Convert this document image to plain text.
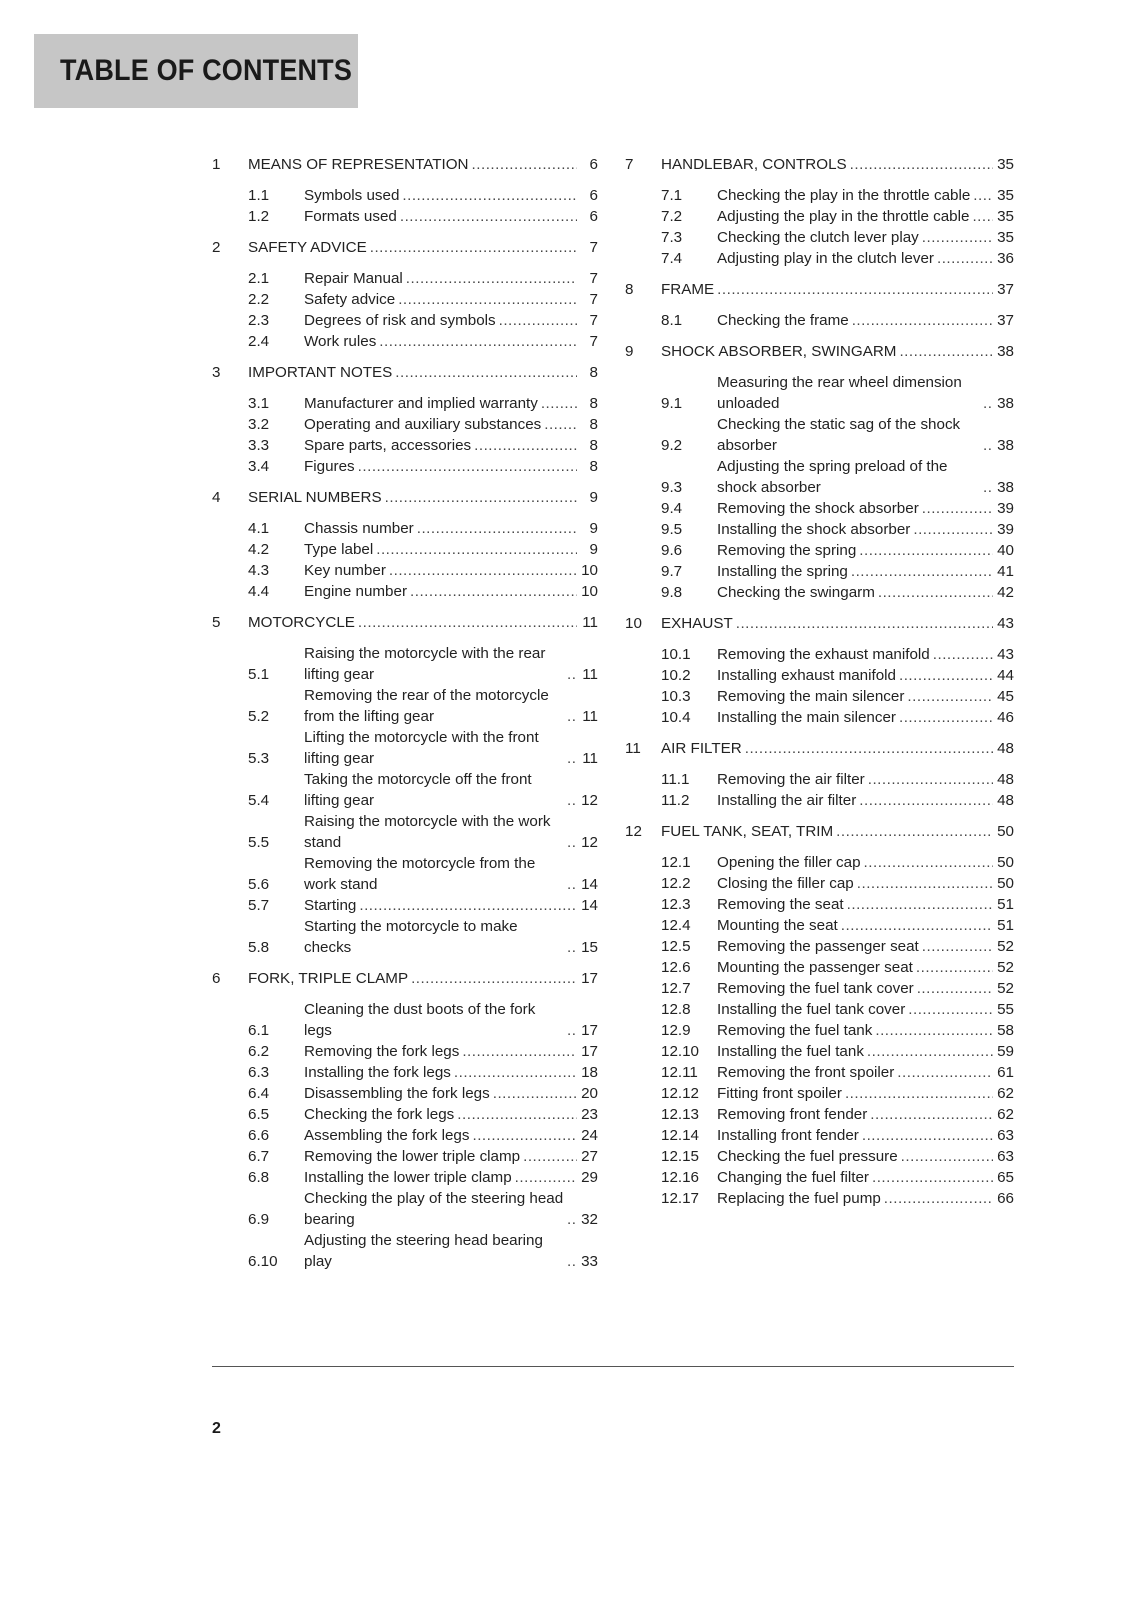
TABLE OF CONTENTS
1	MEANS OF REPRESENTATION .....	6
1.1	Symbols used .....	6
1.2	Formats used .....	6
2	SAFETY ADVICE .....	7
2.1	Repair Manual .....	7
2.2	Safety advice .....	7
2.3	Degrees of risk and symbols .....	7
2.4	Work rules .....	7
3	IMPORTANT NOTES .....	8
3.1	Manufacturer and implied warranty .....	8
3.2	Operating and auxiliary substances .....	8
3.3	Spare parts, accessories .....	8
3.4	Figures .....	8
4	SERIAL NUMBERS .....	9
4.1	Chassis number .....	9
4.2	Type label .....	9
4.3	Key number .....	10
4.4	Engine number .....	10
5	MOTORCYCLE .....	11
5.1
Raising the motorcycle with the rear lifting gear .....	11
5.2
Removing the rear of the motorcycle from the lifting gear .....	11
5.3
Lifting the motorcycle with the front lifting gear .....	11
5.4
Taking the motorcycle off the front lifting gear .....	12
5.5
Raising the motorcycle with the work stand .....	12
5.6
Removing the motorcycle from the work stand .....	14
5.7	Starting .....	14
5.8
Starting the motorcycle to make checks .....	15
6	FORK, TRIPLE CLAMP .....	17
6.1
Cleaning the dust boots of the fork legs .....	17
6.2	Removing the fork legs .....	17
6.3	Installing the fork legs .....	18
6.4	Disassembling the fork legs .....	20
6.5	Checking the fork legs .....	23
6.6	Assembling the fork legs .....	24
6.7	Removing the lower triple clamp .....	27
6.8	Installing the lower triple clamp .....	29
6.9
Checking the play of the steering head bearing .....	32
6.10
Adjusting the steering head bearing play .....	33
7	HANDLEBAR, CONTROLS .....	35
7.1	Checking the play in the throttle cable ..... 35
7.2	Adjusting the play in the throttle cable ..... 35
7.3	Checking the clutch lever play .....	35
7.4	Adjusting play in the clutch lever .....	36
8	FRAME .....	37
8.1	Checking the frame .....	37
9	SHOCK ABSORBER, SWINGARM .....	38
9.1
Measuring the rear wheel dimension unloaded .....	38
9.2
Checking the static sag of the shock absorber .....	38
9.3
Adjusting the spring preload of the shock absorber .....	38
9.4	Removing the shock absorber .....	39
9.5	Installing the shock absorber .....	39
9.6	Removing the spring .....	40
9.7	Installing the spring .....	41
9.8	Checking the swingarm .....	42
10	EXHAUST .....	43
10.1	Removing the exhaust manifold .....	43
10.2	Installing exhaust manifold .....	44
10.3	Removing the main silencer .....	45
10.4	Installing the main silencer .....	46
11	AIR FILTER .....	48
11.1	Removing the air filter .....	48
11.2	Installing the air filter .....	48
12	FUEL TANK, SEAT, TRIM .....	50
12.1	Opening the filler cap .....	50
12.2	Closing the filler cap .....	50
12.3	Removing the seat .....	51
12.4	Mounting the seat .....	51
12.5	Removing the passenger seat .....	52
12.6	Mounting the passenger seat .....	52
12.7	Removing the fuel tank cover .....	52
12.8	Installing the fuel tank cover .....	55
12.9	Removing the fuel tank .....	58
12.10	Installing the fuel tank .....	59
12.11	Removing the front spoiler .....	61
12.12	Fitting front spoiler .....	62
12.13	Removing front fender .....	62
12.14	Installing front fender .....	63
12.15	Checking the fuel pressure .....	63
12.16	Changing the fuel filter .....	65
12.17	Replacing the fuel pump .....	66
2
